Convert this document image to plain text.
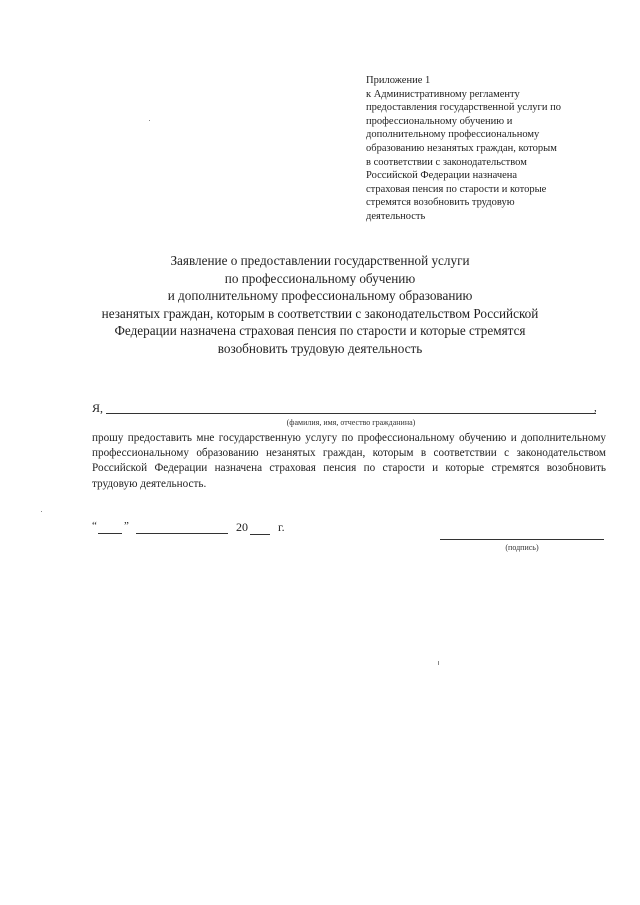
Приложение 1
к Административному регламенту
предоставления государственной услуги по
профессиональному обучению и
дополнительному профессиональному
образованию незанятых граждан, которым
в соответствии с законодательством
Российской Федерации назначена
страховая пенсия по старости и которые
стремятся возобновить трудовую
деятельность
Заявление о предоставлении государственной услуги
по профессиональному обучению
и дополнительному профессиональному образованию
незанятых граждан, которым в соответствии с законодательством Российской
Федерации назначена страховая пенсия по старости и которые стремятся
возобновить трудовую деятельность
Я,	,
(фамилия, имя, отчество гражданина)
прошу предоставить мне государственную услугу по профессиональному обучению и дополнительному профессиональному образованию незанятых граждан, которым в соответствии с законодательством Российской Федерации назначена страховая пенсия по старости и которые стремятся возобновить трудовую деятельность.
“ ”	20	г.
(подпись)
